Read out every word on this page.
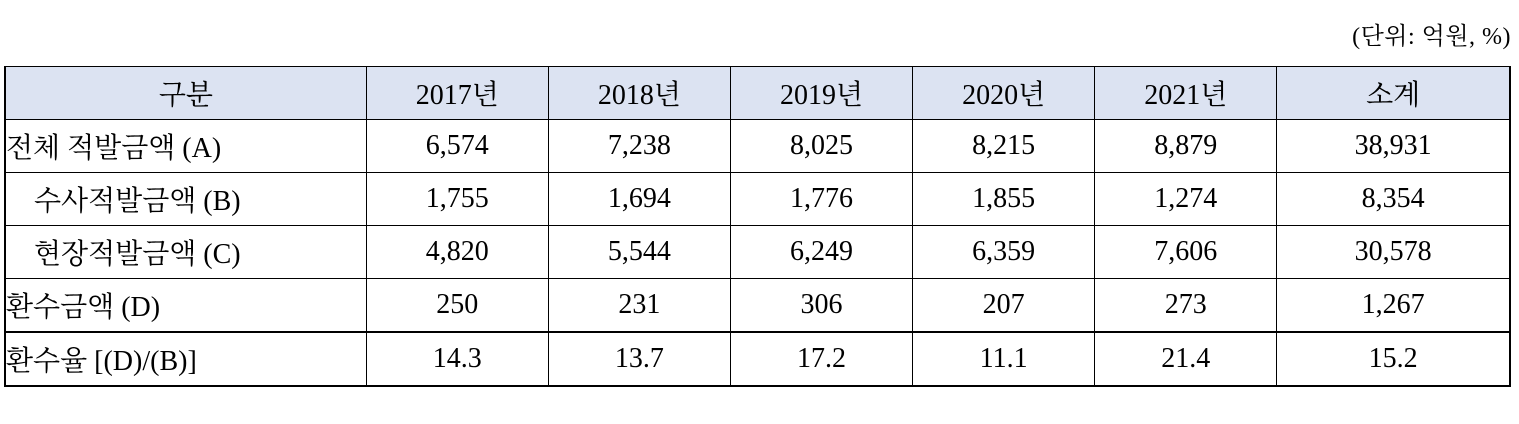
(단위: 억원, %)
구분	2017년	2018년	2019년	2020년	2021년	소계
전체 적발금액 (A)	6,574	7,238	8,025	8,215	8,879	38,931
수사적발금액 (B)	1,755	1,694	1,776	1,855	1,274	8,354
현장적발금액 (C)	4,820	5,544	6,249	6,359	7,606	30,578
환수금액 (D)	250	231	306	207	273	1,267
환수율 [(D)/(B)]	14.3	13.7	17.2	11.1	21.4	15.2
